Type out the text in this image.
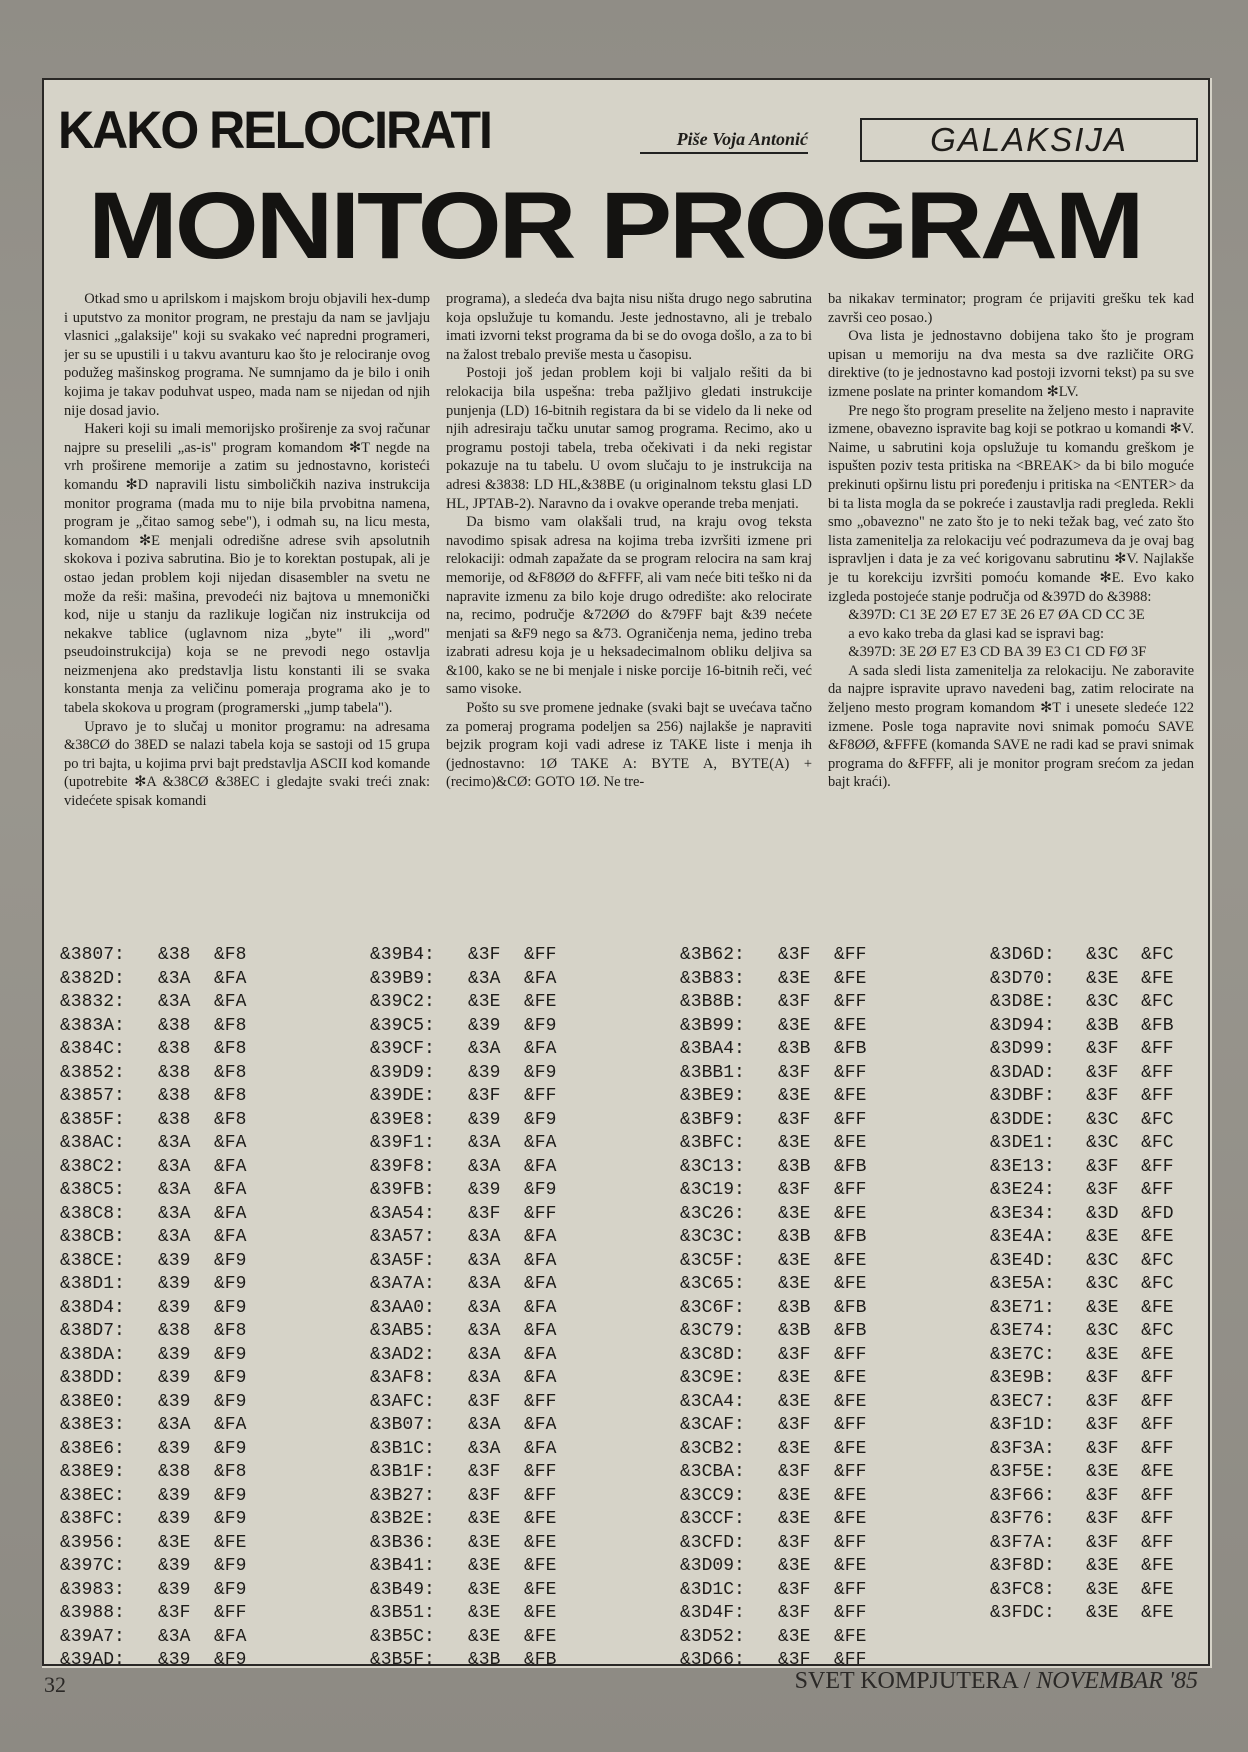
KAKO RELOCIRATI	Piše Voja Antonić	GALAKSIJA
MONITOR PROGRAM

Otkad smo u aprilskom i majskom broju objavili hex-dump i uputstvo za monitor program, ne prestaju da nam se javljaju vlasnici „galaksije" koji su svakako već napredni programeri, jer su se upustili i u takvu avanturu kao što je relociranje ovog podužeg mašinskog programa. Ne sumnjamo da je bilo i onih kojima je takav poduhvat uspeo, mada nam se nijedan od njih nije dosad javio.

Hakeri koji su imali memorijsko proširenje za svoj računar najpre su preselili „as-is" program komandom ✻T negde na vrh proširene memorije a zatim su jednostavno, koristeći komandu ✻D napravili listu simboličkih naziva instrukcija monitor programa (mada mu to nije bila prvobitna namena, program je „čitao samog sebe"), i odmah su, na licu mesta, komandom ✻E menjali odredišne adrese svih apsolutnih skokova i poziva sabrutina. Bio je to korektan postupak, ali je ostao jedan problem koji nijedan disasembler na svetu ne može da reši: mašina, prevodeći niz bajtova u mnemonički kod, nije u stanju da razlikuje logičan niz instrukcija od nekakve tablice (uglavnom niza „byte" ili „word" pseudoinstrukcija) koja se ne prevodi nego ostavlja neizmenjena ako predstavlja listu konstanti ili se svaka konstanta menja za veličinu pomeraja programa ako je to tabela skokova u program (programerski „jump tabela").

Upravo je to slučaj u monitor programu: na adresama &38CØ do 38ED se nalazi tabela koja se sastoji od 15 grupa po tri bajta, u kojima prvi bajt predstavlja ASCII kod komande (upotrebite ✻A &38CØ &38EC i gledajte svaki treći znak: videćete spisak komandi

programa), a sledeća dva bajta nisu ništa drugo nego sabrutina koja opslužuje tu komandu. Jeste jednostavno, ali je trebalo imati izvorni tekst programa da bi se do ovoga došlo, a za to bi na žalost trebalo previše mesta u časopisu.

Postoji još jedan problem koji bi valjalo rešiti da bi relokacija bila uspešna: treba pažljivo gledati instrukcije punjenja (LD) 16-bitnih registara da bi se videlo da li neke od njih adresiraju tačku unutar samog programa. Recimo, ako u programu postoji tabela, treba očekivati i da neki registar pokazuje na tu tabelu. U ovom slučaju to je instrukcija na adresi &3838: LD HL,&38BE (u originalnom tekstu glasi LD HL, JPTAB-2). Naravno da i ovakve operande treba menjati.

Da bismo vam olakšali trud, na kraju ovog teksta navodimo spisak adresa na kojima treba izvršiti izmene pri relokaciji: odmah zapažate da se program relocira na sam kraj memorije, od &F8ØØ do &FFFF, ali vam neće biti teško ni da napravite izmenu za bilo koje drugo odredište: ako relocirate na, recimo, područje &72ØØ do &79FF bajt &39 nećete menjati sa &F9 nego sa &73. Ograničenja nema, jedino treba izabrati adresu koja je u heksadecimalnom obliku deljiva sa &100, kako se ne bi menjale i niske porcije 16-bitnih reči, već samo visoke.

Pošto su sve promene jednake (svaki bajt se uvećava tačno za pomeraj programa podeljen sa 256) najlakše je napraviti bejzik program koji vadi adrese iz TAKE liste i menja ih (jednostavno: 1Ø TAKE A: BYTE A, BYTE(A) + (recimo)&CØ: GOTO 1Ø. Ne tre-

ba nikakav terminator; program će prijaviti grešku tek kad završi ceo posao.)

Ova lista je jednostavno dobijena tako što je program upisan u memoriju na dva mesta sa dve različite ORG direktive (to je jednostavno kad postoji izvorni tekst) pa su sve izmene poslate na printer komandom ✻LV.

Pre nego što program preselite na željeno mesto i napravite izmene, obavezno ispravite bag koji se potkrao u komandi ✻V. Naime, u sabrutini koja opslužuje tu komandu greškom je ispušten poziv testa pritiska na <BREAK> da bi bilo moguće prekinuti opširnu listu pri poređenju i pritiska na <ENTER> da bi ta lista mogla da se pokreće i zaustavlja radi pregleda. Rekli smo „obavezno" ne zato što je to neki težak bag, već zato što lista zamenitelja za relokaciju već podrazumeva da je ovaj bag ispravljen i data je za već korigovanu sabrutinu ✻V. Najlakše je tu korekciju izvršiti pomoću komande ✻E. Evo kako izgleda postojeće stanje područja od &397D do &3988:

&397D: C1 3E 2Ø E7 E7 3E 26 E7 ØA CD CC 3E

a evo kako treba da glasi kad se ispravi bag:

&397D: 3E 2Ø E7 E3 CD BA 39 E3 C1 CD FØ 3F

A sada sledi lista zamenitelja za relokaciju. Ne zaboravite da najpre ispravite upravo navedeni bag, zatim relocirate na željeno mesto program komandom ✻T i unesete sledeće 122 izmene. Posle toga napravite novi snimak pomoću SAVE &F8ØØ, &FFFE (komanda SAVE ne radi kad se pravi snimak programa do &FFFF, ali je monitor program srećom za jedan bajt kraći).

&3807:	&38	&F8
&382D:	&3A	&FA
&3832:	&3A	&FA
&383A:	&38	&F8
&384C:	&38	&F8
&3852:	&38	&F8
&3857:	&38	&F8
&385F:	&38	&F8
&38AC:	&3A	&FA
&38C2:	&3A	&FA
&38C5:	&3A	&FA
&38C8:	&3A	&FA
&38CB:	&3A	&FA
&38CE:	&39	&F9
&38D1:	&39	&F9
&38D4:	&39	&F9
&38D7:	&38	&F8
&38DA:	&39	&F9
&38DD:	&39	&F9
&38E0:	&39	&F9
&38E3:	&3A	&FA
&38E6:	&39	&F9
&38E9:	&38	&F8
&38EC:	&39	&F9
&38FC:	&39	&F9
&3956:	&3E	&FE
&397C:	&39	&F9
&3983:	&39	&F9
&3988:	&3F	&FF
&39A7:	&3A	&FA
&39AD:	&39	&F9
&39B4:	&3F	&FF
&39B9:	&3A	&FA
&39C2:	&3E	&FE
&39C5:	&39	&F9
&39CF:	&3A	&FA
&39D9:	&39	&F9
&39DE:	&3F	&FF
&39E8:	&39	&F9
&39F1:	&3A	&FA
&39F8:	&3A	&FA
&39FB:	&39	&F9
&3A54:	&3F	&FF
&3A57:	&3A	&FA
&3A5F:	&3A	&FA
&3A7A:	&3A	&FA
&3AA0:	&3A	&FA
&3AB5:	&3A	&FA
&3AD2:	&3A	&FA
&3AF8:	&3A	&FA
&3AFC:	&3F	&FF
&3B07:	&3A	&FA
&3B1C:	&3A	&FA
&3B1F:	&3F	&FF
&3B27:	&3F	&FF
&3B2E:	&3E	&FE
&3B36:	&3E	&FE
&3B41:	&3E	&FE
&3B49:	&3E	&FE
&3B51:	&3E	&FE
&3B5C:	&3E	&FE
&3B5F:	&3B	&FB
&3B62:	&3F	&FF
&3B83:	&3E	&FE
&3B8B:	&3F	&FF
&3B99:	&3E	&FE
&3BA4:	&3B	&FB
&3BB1:	&3F	&FF
&3BE9:	&3E	&FE
&3BF9:	&3F	&FF
&3BFC:	&3E	&FE
&3C13:	&3B	&FB
&3C19:	&3F	&FF
&3C26:	&3E	&FE
&3C3C:	&3B	&FB
&3C5F:	&3E	&FE
&3C65:	&3E	&FE
&3C6F:	&3B	&FB
&3C79:	&3B	&FB
&3C8D:	&3F	&FF
&3C9E:	&3E	&FE
&3CA4:	&3E	&FE
&3CAF:	&3F	&FF
&3CB2:	&3E	&FE
&3CBA:	&3F	&FF
&3CC9:	&3E	&FE
&3CCF:	&3E	&FE
&3CFD:	&3F	&FF
&3D09:	&3E	&FE
&3D1C:	&3F	&FF
&3D4F:	&3F	&FF
&3D52:	&3E	&FE
&3D66:	&3F	&FF
&3D6D:	&3C	&FC
&3D70:	&3E	&FE
&3D8E:	&3C	&FC
&3D94:	&3B	&FB
&3D99:	&3F	&FF
&3DAD:	&3F	&FF
&3DBF:	&3F	&FF
&3DDE:	&3C	&FC
&3DE1:	&3C	&FC
&3E13:	&3F	&FF
&3E24:	&3F	&FF
&3E34:	&3D	&FD
&3E4A:	&3E	&FE
&3E4D:	&3C	&FC
&3E5A:	&3C	&FC
&3E71:	&3E	&FE
&3E74:	&3C	&FC
&3E7C:	&3E	&FE
&3E9B:	&3F	&FF
&3EC7:	&3F	&FF
&3F1D:	&3F	&FF
&3F3A:	&3F	&FF
&3F5E:	&3E	&FE
&3F66:	&3F	&FF
&3F76:	&3F	&FF
&3F7A:	&3F	&FF
&3F8D:	&3E	&FE
&3FC8:	&3E	&FE
&3FDC:	&3E	&FE
32	SVET KOMPJUTERA / NOVEMBAR '85
